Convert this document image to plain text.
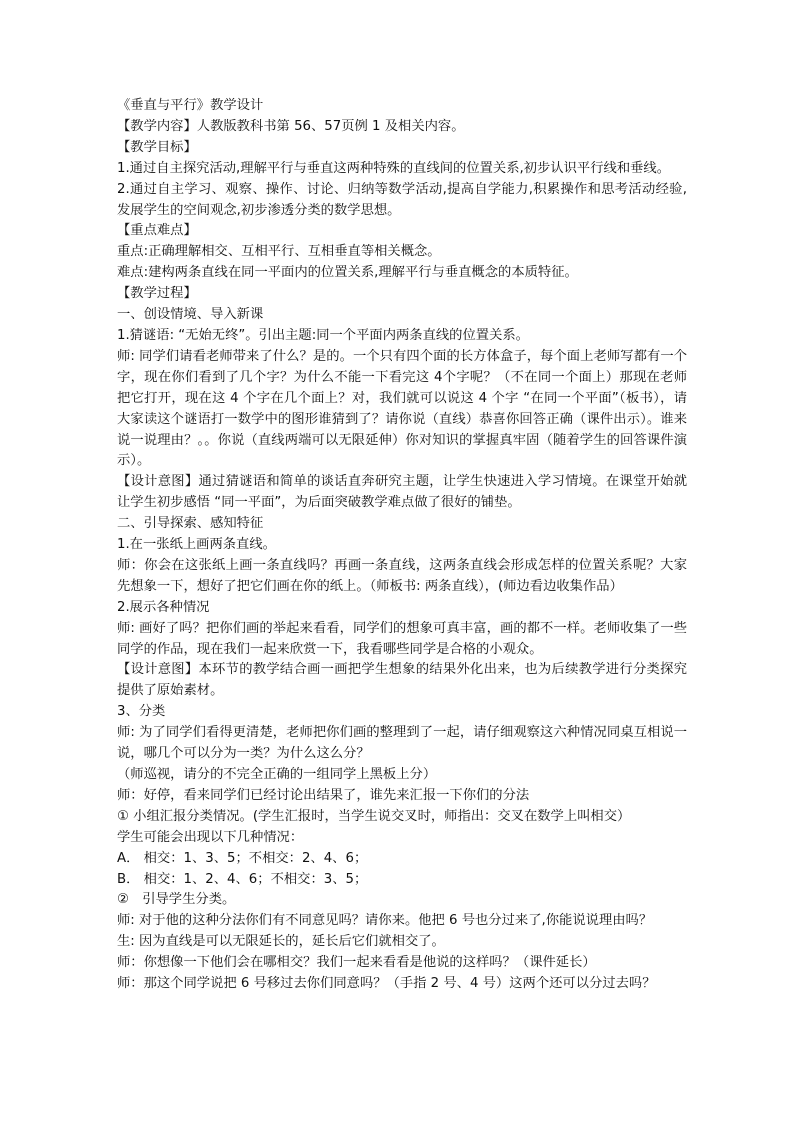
《垂直与平行》教学设计

【教学内容】人教版教科书第 56、57页例 1 及相关内容。

【教学目标】

1.通过自主探究活动,理解平行与垂直这两种特殊的直线间的位置关系,初步认识平行线和垂线。

2.通过自主学习、观察、操作、讨论、归纳等数学活动,提高自学能力,积累操作和思考活动经验,发展学生的空间观念,初步渗透分类的数学思想。

【重点难点】

重点:正确理解相交、互相平行、互相垂直等相关概念。

难点:建构两条直线在同一平面内的位置关系,理解平行与垂直概念的本质特征。

【教学过程】

一、创设情境、导入新课

1.猜谜语: “无始无终”。引出主题:同一个平面内两条直线的位置关系。

师: 同学们请看老师带来了什么？是的。一个只有四个面的长方体盒子，每个面上老师写都有一个字，现在你们看到了几个字？为什么不能一下看完这 4个字呢？（不在同一个面上）那现在老师把它打开，现在这 4 个字在几个面上？对，我们就可以说这 4 个字 “在同一个平面”（板书），请大家读这个谜语打一数学中的图形谁猜到了？请你说（直线）恭喜你回答正确（课件出示）。谁来说一说理由？。。你说（直线两端可以无限延伸）你对知识的掌握真牢固（随着学生的回答课件演示）。

【设计意图】通过猜谜语和简单的谈话直奔研究主题，让学生快速进入学习情境。在课堂开始就让学生初步感悟 “同一平面”，为后面突破教学难点做了很好的铺垫。

二、引导探索、感知特征

1.在一张纸上画两条直线。

师：你会在这张纸上画一条直线吗？再画一条直线，这两条直线会形成怎样的位置关系呢？大家先想象一下，想好了把它们画在你的纸上。（师板书: 两条直线），(师边看边收集作品）

2.展示各种情况

师: 画好了吗？把你们画的举起来看看，同学们的想象可真丰富，画的都不一样。老师收集了一些同学的作品，现在我们一起来欣赏一下，我看哪些同学是合格的小观众。

【设计意图】本环节的教学结合画一画把学生想象的结果外化出来，也为后续教学进行分类探究提供了原始素材。

3、分类

师: 为了同学们看得更清楚，老师把你们画的整理到了一起，请仔细观察这六种情况同桌互相说一说，哪几个可以分为一类？为什么这么分？

（师巡视，请分的不完全正确的一组同学上黑板上分）

师：好停，看来同学们已经讨论出结果了，谁先来汇报一下你们的分法

① 小组汇报分类情况。(学生汇报时，当学生说交叉时，师指出：交叉在数学上叫相交）

学生可能会出现以下几种情况：

A． 相交：1、3、5；不相交：2、4、6；

B． 相交：1、2、4、6；不相交：3、5；

②　引导学生分类。

师: 对于他的这种分法你们有不同意见吗？请你来。他把 6 号也分过来了,你能说说理由吗？

生: 因为直线是可以无限延长的，延长后它们就相交了。

师：你想像一下他们会在哪相交？我们一起来看看是他说的这样吗？（课件延长）

师：那这个同学说把 6 号移过去你们同意吗？（手指 2 号、4 号）这两个还可以分过去吗？
